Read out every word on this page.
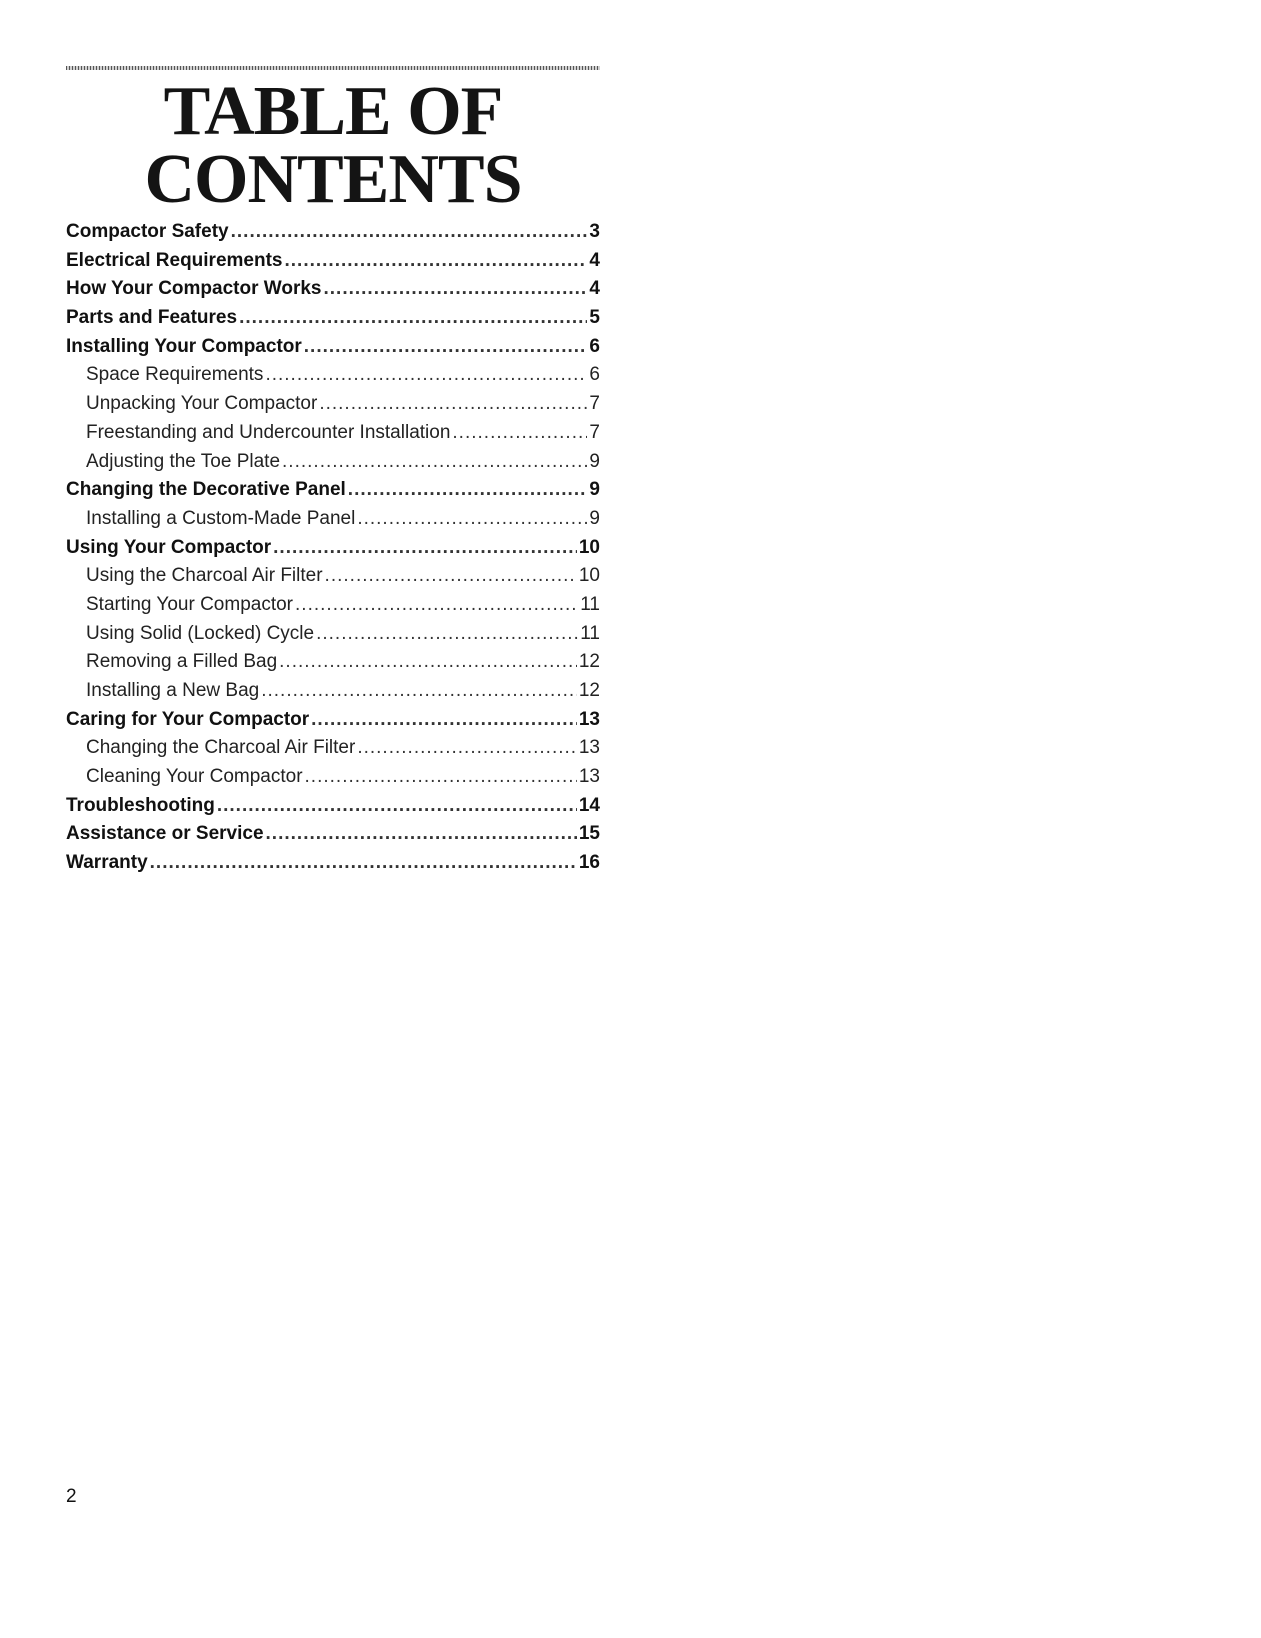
TABLE OF
CONTENTS
Compactor Safety .....	3
Electrical Requirements .....	4
How Your Compactor Works .....	4
Parts and Features .....	5
Installing Your Compactor .....	6
Space Requirements .....	6
Unpacking Your Compactor .....	7
Freestanding and Undercounter Installation .....	7
Adjusting the Toe Plate .....	9
Changing the Decorative Panel .....	9
Installing a Custom-Made Panel .....	9
Using Your Compactor .....	10
Using the Charcoal Air Filter .....	10
Starting Your Compactor .....	11
Using Solid (Locked) Cycle .....	11
Removing a Filled Bag .....	12
Installing a New Bag .....	12
Caring for Your Compactor .....	13
Changing the Charcoal Air Filter .....	13
Cleaning Your Compactor .....	13
Troubleshooting .....	14
Assistance or Service .....	15
Warranty .....	16
2
